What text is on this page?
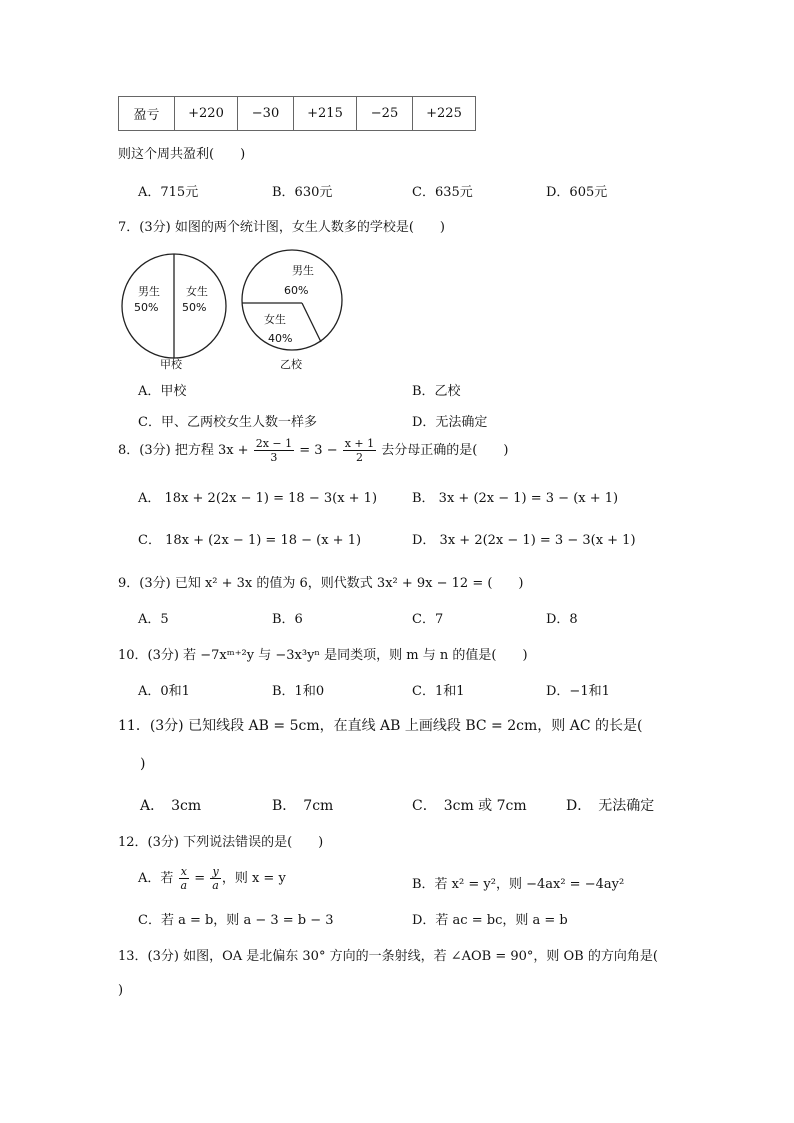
盈亏	+220	−30	+215	−25	+225
则这个周共盈利(　　)
A．715元	B．630元	C．635元	D．605元
7．(3分) 如图的两个统计图，女生人数多的学校是(　　)
男生
50%
女生
50%
甲校
男生
60%
女生
40%
乙校
A．甲校	B．乙校
C．甲、乙两校女生人数一样多	D．无法确定
8．(3分) 把方程 $3x + \frac{2x - 1}{3} = 3 - \frac{x + 1}{2}$ 去分母正确的是(　　)
A． 18x + 2(2x − 1) = 18 − 3(x + 1)	B． 3x + (2x − 1) = 3 − (x + 1)
C． 18x + (2x − 1) = 18 − (x + 1)	D． 3x + 2(2x − 1) = 3 − 3(x + 1)
9．(3分) 已知 x² + 3x 的值为 6，则代数式 3x² + 9x − 12 = (　　)
A．5	B．6	C．7	D．8
10．(3分) 若 −7xᵐ⁺²y 与 −3x³yⁿ 是同类项，则 m 与 n 的值是(　　)
A．0和1	B．1和0	C．1和1	D．−1和1
11．(3分) 已知线段 AB = 5cm，在直线 AB 上画线段 BC = 2cm，则 AC 的长是(
)
A．　3cm	B．　7cm	C．　3cm 或 7cm	D．　无法确定
12．(3分) 下列说法错误的是(　　)
A．若 $\frac{x}{a} = \frac{y}{a}$ ，则 x = y	B．若 x² = y²，则 −4ax² = −4ay²
C．若 a = b，则 a − 3 = b − 3	D．若 ac = bc，则 a = b
13．(3分) 如图，OA 是北偏东 30° 方向的一条射线，若 ∠AOB = 90°，则 OB 的方向角是(
)
